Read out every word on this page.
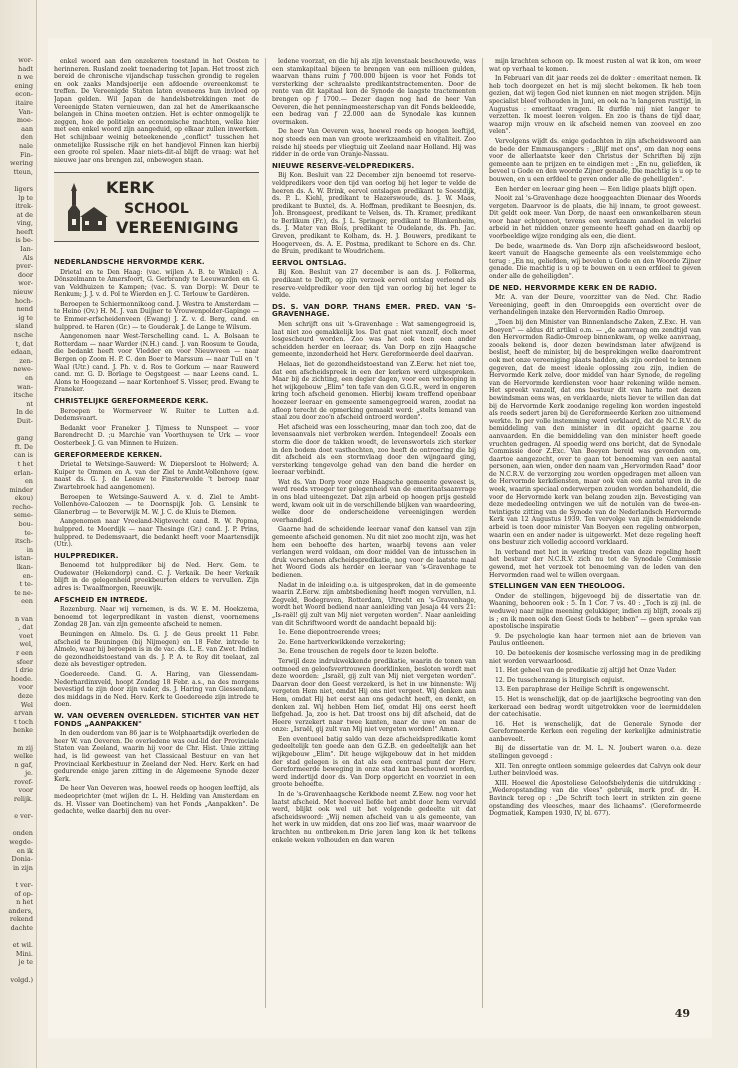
wor-
hadt
n we
ening
econ-
itaire
Van-
moe-
aan
den
nale
Fin-
wering
tteun,

ligers
lp te
itrek-
at de
ving,
heeft
is be-
Ian-
Als
pver-
door
wor-
nieuw
hoch-
nend
ig te
sland
nsche
t, dat
edaan,
zen-
newe-
en
wan-
itsche
nt
In de
Duit-

gang
ft. De
can is
t het
erlan-
en
minder
ekou)
recho-
seme-
bou-
te-
itsch-
in
istan-
lkan-
en-
t te-
te ne-
een

n van
, dat
voet
wel,
r een
sfeer
l drie
hoede.
voor
deze
Wel
arvan
t toch
henke

m zij
welke
n gaf,
je.
rovef-
voor
relijk.

e ver-

onden
wegde-
en ik
Donia-
in zijn

t ver-
of op-
n het
anders,
rekend
dachte

et wil.
Mini.
je te

volgd.)

enkel woord aan den onzekeren toestand in het Oosten te herinneren. Rusland zoekt toenadering tot Japan. Het troost zich bereid de chronische vijandschap tusschen grondig te regelen en ook zaaks Mandsjoerije een afdoende overeenkomst te treffen. De Vereenigde Staten laten eveneens hun invloed op Japan gelden. Wil Japan de handelsbetrekkingen met de Vereenigde Staten vernieuwen, dan zal het de Amerikaansche belangen in China moeten ontzien. Het is echter onmogelijk te zeggen, hoe de politieke en economische machten, welke hier met een enkel woord zijn aangeduid, op elkaar zullen inwerken. Het schijnbaar weinig beteekenende „conflict" tusschen het onmetelijke Russische rijk en het handjevol Finnen kan hierbij een groote rol spelen. Maar niets-dit-al blijft de vraag: wat het nieuwe jaar ons brengen zal, onbewogen staan.

KERK
SCHOOL
VEREENIGING
NEDERLANDSCHE HERVORMDE KERK.

Drietal en te Den Haag: (vac. wijlen A. B. te Winkel) : A. Dönszelmann te Amersfoort, G. Gerbrandy te Leeuwarden en G. van Veldhuizen te Kampen; (vac. S. van Dorp): W. Deur te Renkum; J. J. v. d. Pol te Wierden en J. C. Terlouw te Gardèren.

Beroepen te Schiermonnikoog cand. J. Westra te Amsterdam — te Heino (Ov.) H. M. J. van Duijner te Vrouwenpolder-Gapinge — te Emmer-erfscheidenveen (Ewang) J. Z. v. d. Berg, cand. en hulppred. te Haren (Gr.) — te Gouderak J. de Lange te Wilsum.

Aangenomen naar West-Terschelling cand. L. A. Bolsaan te Rotterdam — naar Warder (N.H.) cand. J. van Roosum te Gouda, die bedankt heeft voor Vledder en voor Nieuwveen — naar Bergen op Zoom H. P. C. den Boer te Marssum — naar Tull en 't Waal (Utr.) cand. J. Ph. v. d. Ros te Gorkum — naar Rauwerd cand. mr. G. D. Borlage te Oegstgeest — naar Leens cand. L. Alons te Hoogezand — naar Kortenhoef S. Visser, pred. Ewang te Franeker.

CHRISTELIJKE GEREFORMEERDE KERK.

Beroepen te Wormerveer W. Ruiter te Lutten a.d. Dedemsvaart.

Bedankt voor Franeker J. Tijmess te Nunspeet — voor Barendrecht D. ;u Marchie van Voorthuysen te Urk — voor Oosterbeek J. G. van Minnen te Huizen.

GEREFORMEERDE KERKEN.

Drietal te Wetsinge-Sauwerd: W. Diepersloot te Holwerd; A. Kuiper te Ommen en A. van der Ziel te Ambt-Vollenhove (gew. naast ds. G. J. de Leeuw te Finsterwolde 't beroep naar Zwartebroek had aangenomen).

Beroepen te Wetsinge-Sauwerd A. v. d. Ziel te Ambt-Vollenhove-Caloozen — te Doornspijk Job. G. Lensink te Glanerbrug — te Beverwijk M. W. J. C. de Kluis te Diemen.

Aangenomen naar Vreeland-Nigtevecht cand. R. W. Popma, hulppred. te Moerdijk — naar Thesinge (Gr.) cand. J. P. Prins, hulppred. te Dedemsvaart, die bedankt heeft voor Maartensdijk (Utr.).

HULPPREDIKER.

Benoemd tot hulpprediker bij de Ned. Herv. Gem. te Oudewater (Hekendorp) cand. C. J. Verkaik. De heer Verkaik blijft in de gelegenheid preekbeurten elders te vervullen. Zijn adres is: Twaalfmorgen, Reeuwijk.

AFSCHEID EN INTREDE.

Rozenburg. Naar wij vernemen, is ds. W. E. M. Hoekzema, benoemd tot legerpredikant in vasten dienst, voornemens Zondag 28 Jan. van zijn gemeente afscheid te nemen.

Beuningen en Almelo. Ds. G. J. de Geus preekt 11 Febr. afscheid te Beuningen (bij Nijmegen) en 18 Febr. intrede te Almelo, waar hij beroepen is in de vac. ds. L. E. van Zwet. Indien de gezondheidstoestand van ds. J. P. A. te Roy dit toelaat, zal deze als bevestiger optreden.

Goedereede. Cand. G. A. Haring, van Giessendam-Nederhardinxveld, hoopt Zondag 18 Febr. a.s., na des morgens bevestigd te zijn door zijn vader, ds. J. Haring van Giessendam, des middags in de Ned. Herv. Kerk te Goedereede zijn intrede te doen.

W. VAN OEVEREN OVERLEDEN. STICHTER VAN HET FONDS „AANPAKKEN"

In den ouderdom van 86 jaar is te Wolphaartsdijk overleden de heer W. van Oeveren. De overledene was oud-lid der Provinciale Staten van Zeeland, waarin hij voor de Chr. Hist. Unie zitting had, is lid geweest van het Classicaal Bestuur en van het Provinciaal Kerkbestuur in Zeeland der Ned. Herv. Kerk en had gedurende enige jaren zitting in de Algemeene Synode dezer Kerk.

De heer Van Oeveren was, hoewel reeds op hoogen leeftijd, als medeoprichter (met wijlen dr. L. H. Helding van Amsterdam en ds. H. Visser van Doetinchem) van het Fonds „Aanpakken". De gedachte, welke daarbij den nu over-

ledene voorzat, en die hij als zijn levenstaak beschouwde, was een stamkapitaal bijeen te brengen van een millioen gulden, waarvan thans ruim ƒ 700.000 bijeen is voor het Fonds tot versterking der schraalste predikantstractementen. Door de rente van dit kapitaal kon de Synode de laagste tractementen brengen op ƒ 1700.— Dezer dagen nog had de heer Van Oeveren, die het penningmeesterschap van dit Fonds bekleedde, een bedrag van ƒ 22.000 aan de Synodale kas kunnen overmaken.

De heer Van Oeveren was, hoewel reeds op hoogen leeftijd, nog steeds een man van groote werkzaamheid en vitaliteit. Zoo reisde hij steeds per vliegtuig uit Zeeland naar Holland. Hij was ridder in de orde van Oranje-Nassau.

NIEUWE RESERVE-VELDPREDIKERS.

Bij Kon. Besluit van 22 December zijn benoemd tot reserve-veldpredikers voor den tijd van oorlog bij het leger te velde de heeren ds. A. W. Brink, eervol ontslagen predikant te Soestdijk, ds. P. L. Kiehl, predikant te Hazerswoude, ds. J. W. Maas, predikant te Buxtel, ds. A. Hoffman, predikant te Beesnjen, ds. Joh. Bronsgeest, predikant te Velsen, ds. Th. Kramer, predikant te Berlikum (Fr.), ds. J. L. Springer, predikant te Blankenheim, ds. J. Mater van Blois, predikant te Oudelande, ds. Ph. Jac. Greven, predikant te Kolham, ds. H. J. Bouwers, predikant te Hoogerveen, ds. A. E. Postma, predikant te Schore en ds. Chr. de Bruin, predikant te Woudrichem.

EERVOL ONTSLAG.

Bij Kon. Besluit van 27 december is aan ds. J. Folkerma, predikant te Delft, op zijn verzoek eervol ontslag verleend als reserve-veldprediker voor den tijd van oorlog bij het leger te velde.

DS. S. VAN DORP. THANS EMER. PRED. VAN 'S-GRAVENHAGE.

Men schrijft ons uit 's-Gravenhage : Wat samengegroeid is, laat niet zoo gemakkelijk los. Dat gaat niet vanzelf, doch moet losgescheurd worden. Zoo was het ook toen een ander scheidden herder en leeraar, ds. Van Dorp en zijn Haagsche gemeente, inzonderheid het Herv. Gereformeerde deel daarvan.

Helaas, liet de gezondheidstoestand van Z.Eerw. het niet toe, dat een afscheidspreek in een der kerken werd uitgesproken. Maar bij de zichting, een degier dagen, voor een verkooping in het wijkgebouw „Elim" ten tafe van den G.G.R., werd in engeren kring toch afscheid genomen. Hierbij kwam treffend openbaar hoezeer leeraar en gemeente samengegroeid waren, zoodat na afloop terecht de opmerking gemaakt werd: „stelts lemand van staal zou door zoo'n afscheid ontroerd worden".

Het afscheid was een losscheuring, maar dan toch zoo, dat de levensaanvals niet verbroken werden. Integendeel! Zooals een storm die door de takken woedt, de levenswortels zich sterker in den bodem doet vasthechten, zoo heeft de ontroering die bij dit afscheid als een stormvlaag door den wijngaard ging, versterking tengevolge gehad van den band die herder en leeraar verbindt.

Wat ds. Van Dorp voor onze Haagsche gemeente geweest is, werd reeds vroeger ter gelegenheid van de emeritaatsaanvrage in ons blad uiteengezet. Dat zijn arbeid op hoogen prijs gesteld werd, kwam ook uit in de verschillende blijken van waardeering, welke door de onderscheidene vereenigingen werden overhandigd.

Gaarne had de scheidende leeraar vanaf den kansel van zijn gemeente afscheid genomen. Nu dit niet zoo mocht zijn, was het hem een behoefte des harten, waarbij tevens aan veler verlangen werd voldaan, om door middel van de intusschen in druk verschenen afscheidspredikatie, nog voor de laatste maal het Woord Gods als herder en leeraar van 's-Gravenhage te bedienen.

Nadat in de inleiding o.a. is uitgesproken, dat in de gemeente waarin Z.Eerw. zijn ambtsbediening heeft mogen vervullen, n.l. Zegveld, Bodegraven, Rotterdam, Utrecht en 's-Gravenhage, wordt het Woord bediend naar aanleiding van Jesaja 44 vers 21: „Is-raël! gij zult van Mij niet vergeten worden". Naar aanleiding van dit Schriftwoord wordt de aandacht bepaald bij:

1e. Eene diepontroerende vrees;

2e. Eene hartverkwikkende verzekering;

3e. Eene trouschen de regels door te lezen belofte.

Terwijl deze indrukwekkende predikatie, waarin de tonen van ootmoed en geloofsvertrouwen doorklinken, besloten wordt met deze woorden: „Israël, gij zult van Mij niet vergeten worden". Daarvan door den Geest verzekerd, is het in uw binnenste: Wij vergeten Hem niet, omdat Hij ons niet vergeet. Wij denken aan Hem, omdat Hij het eerst aan ons gedacht heeft, en denkt, en denken zal. Wij hebben Hem lief, omdat Hij ons eerst heeft liefgehad. Ja, zoo is het. Dat troost ons bij dit afscheid, dat de Heere verzekert naar twee kanten, naar de uwe en naar de onze: „Israël, gij zult van Mij niet vergeten worden!" Amen.

Een eventueel batig saldo van deze afscheidspredikatie komt gedeeltelijk ten goede aan den G.Z.B. en gedeeltelijk aan het wijkgebouw „Elim". Dit heuge wijkgebouw dat in het midden der stad gelegen is en dat als een centraal punt der Herv. Gereformeerde beweging in onze stad kan beschouwd worden, werd indertijd door ds. Van Dorp opgericht en voorziet in een groote behoefte.

In de 's-Gravenhaagsche Kerkbode neemt Z.Eew. nog voor het laatst afscheid. Met hoeveel liefde het ambt door hem vervuld werd, blijkt ook wel uit het volgende gedeelte uit dat afscheidswoord: „Wij nemen afscheid van u als gemeente, van het werk in uw midden, dat ons zoo lief was, maar waarvoor de krachten nu ontbreken.m Drie jaren lang kon ik het telkens enkele weken volhouden en dan waren

mijn krachten schoon op. Ik moest rusten al wat ik kon, om weer wat op verhaal te komen.

In Februari van dit jaar reeds zei de dokter : emeritaat nemen. Ik heb toch doorgezet en het is mij slecht bekomen. Ik heb toen gezien, dat wij tegen God niet kunnen en niet mogen strijden. Mijn specialist bleef volhouden in Juni, en ook na 'n langeren rusttijd, in Augustus : emeritaat vragen. Ik durfde mij niet langer te verzetten. Ik moest leeren volgen. En zoo is thans de tijd daar, waarop mijn vrouw en ik afscheid nemen van zooveel en zoo velen".

Vervolgens wijdt ds. enige gedachten in zijn afscheidswoord aan de bede der Emmausgangers : „Blijf met ons", om dan nog eens voor de allerlaatste keer den Christus der Schriften bij zijn gemeente aan te prijzen en te eindigen met : „En nu, geliefden, ik beveel u Gode en den woorde Zijner genade, Die machtig is u op te bouwen, en u een erfdeel te geven onder alle de geheiligden".

Een herder en leeraar ging heen — Een lidige plaats blijft open.

Nooit zal 's-Gravenhage deze hooggeachten Dienaar des Woords vergeten. Daarvoor is de plaats, die hij innam, te groot geweest. Dit geldt ook meer. Van Dorp, de naast een onwankelbaren steun voor haar echtgenoot, tevens een werkzaam aandeel in velerlei arbeid in het midden onzer gemeente heeft gehad en daarbij op voorbeeldige wijze rondging als een, die dient.

De bede, waarmede ds. Van Dorp zijn afscheidswoord besloot, keert vanuit de Haagsche gemeente als een veelstemmige echo terug : „En nu, geliefden, wij bevelen u Gode en den Woorde Zijner genade. Die machtig is u op te bouwen en u een erfdeel te geven onder alle de geheiligden".

DE NED. HERVORMDE KERK EN DE RADIO.

Mr. A. van der Deure, voorzitter van de Ned. Chr. Radio Vereeniging, geeft in den Omroepgids een overzicht over de verhandelingen inzake den Hervormden Radio Omroep.

„Toen bij den Minister van Binnenlandsche Zaken, Z.Exc. H. van Boeyen" — aldus dit artikel o.m. — „de aanvraag om zendtijd van den Hervormden Radio-Omroep binnenkwam, op welke aanvraag, zooals bekend is, door dezen bewindsman later afwijzend is beslist, heeft de minister, bij de besprekingen welke daaromtrent ook met onze vereeniging plaats hadden, als zijn oordeel te kennen gegeven, dat de meest ideale oplossing zou zijn, indien de Hervormde Kerk zelve, door middel van haar Synode, de regeling van de Hervormde kerdiensten voor haar rekening wilde nemen. Het spreekt vanzelf, dat ons bestuur dit van harte met dezen bewindsman eens was, en verklaarde, niets liever te willen dan dat bij de Hervormde Kerk zoodanige regeling kon worden ingesteld als reeds sedert jaren bij de Gereformeerde Kerken zoo uitnemend werkte. In per volle instemming werd verklaard, dat de N.C.R.V. de bemiddeling van den minister in dit opzicht gaarne zou aanvaarden. En die bemiddeling van den minister heeft goede vruchten gedragen. Al spoedig werd ons bericht, dat de Synodale Commissie door Z.Exc. Van Boeyen bereid was gevonden om, daartoe aangezocht, over te gaan tot benoeming van een aantal personen, aan wien, onder den naam van „Hervormden Raad" door de N.C.R.V. de verzorging zou worden opgedragen met alleen van de Hervormde kerkdiensten, maar ook van een aantal uren in de week, waarin speciaal onderwerpen zouden worden behandeld, die voor de Hervormde kerk van belang zouden zijn. Bevestiging van deze mededeeling ontvingen we uit de notulen van de twee-en-twintigste zitting van de Synode van de Nederlandsch Hervormde Kerk van 12 Augustus 1939. Ten vervolge van zijn bemiddelende arbeid is toen door minister Van Boeyen een regeling ontworpen, waarin een en ander nader is uitgewerkt. Met deze regeling heeft ons bestuur zich volledig accoord verklaard.

In verband met het in werking treden van deze regeling heeft het bestuur der N.C.R.V. zich nu tot de Synodale Commissie gewend, met het verzoek tot benoeming van de leden van den Hervormden raad wel te willen overgaan.

STELLINGEN VAN EEN THEOLOOG.

Onder de stellingen, bijgevoegd bij de dissertatie van dr. Waaning, behooren ook : 5. In 1 Cor. 7 vs. 40 : „Toch is zij (nl. de weduwe) naar mijne meening gelukkiger, indien zij blijft, zooals zij is ; en ik meen ook den Geest Gods te hebben" — geen sprake van apostolische inspiratie

9. De psychologie kan haar termen niet aan de brieven van Paulus ontleenen.

10. De beteekenis der kosmische verlossing mag in de prediking niet worden verwaarloosd.

11. Het geheel van de predikatie zij altijd het Onze Vader.

12. De tusschenzang is liturgisch onjuist.

13. Een paraphrase der Heilige Schrift is ongewenscht.

15. Het is wenschelijk, dat op de jaarlijksche begrooting van den kerkeraad een bedrag wordt uitgetrokken voor de leermiddelen der catechisatie.

16. Het is wenschelijk, dat de Generale Synode der Gereformeerde Kerken een regeling der kerkelijke administratie aanbeveelt.

Bij de dissertatie van dr. M. L. N. Joubert waren o.a. deze stellingen gevoegd :

XII. Ten onregte ontleen sommige geleerdes dat Calvyn ook deur Luther beinvloed was.

XIII. Hoewel die Apostoliese Geloofsbelydenis die uitdrukking : „Wederopstanding van die vlees" gebruik, merk prof. dr. H. Bavinck tereg op : „De Schrift toch leert in strikten zin geene opstanding des vleesches, maar des lichaams". (Gereformeerde Dogmatiek, Kampen 1930, IV, bl. 677).

49
